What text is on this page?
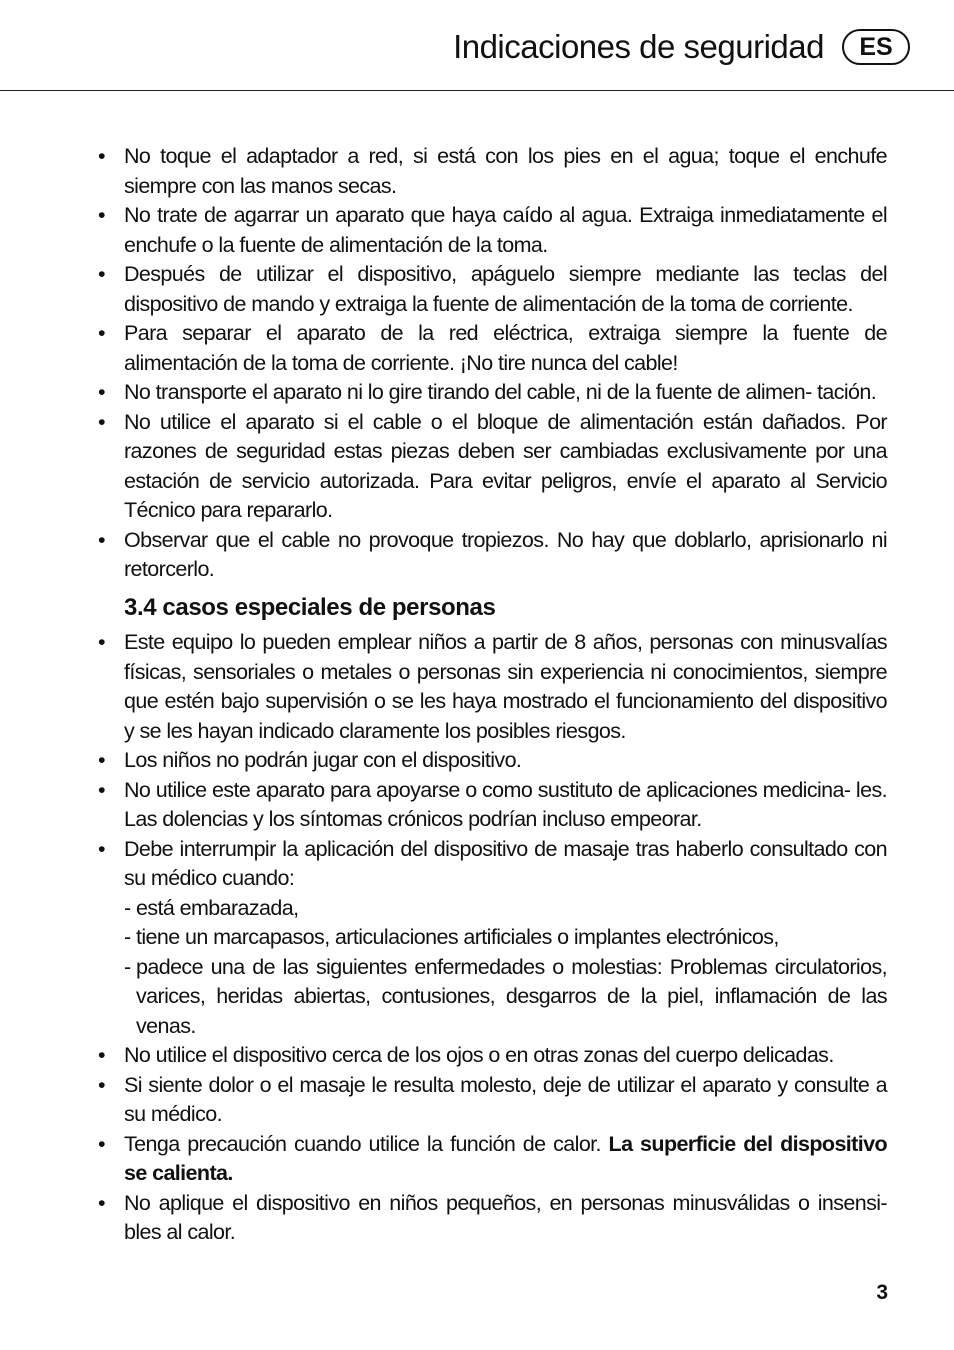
Indicaciones de seguridad	ES
• No toque el adaptador a red, si está con los pies en el agua; toque el enchufe siempre con las manos secas.
• No trate de agarrar un aparato que haya caído al agua. Extraiga inmediatamente el enchufe o la fuente de alimentación de la toma.
• Después de utilizar el dispositivo, apáguelo siempre mediante las teclas del dispositivo de mando y extraiga la fuente de alimentación de la toma de corriente.
• Para separar el aparato de la red eléctrica, extraiga siempre la fuente de alimentación de la toma de corriente. ¡No tire nunca del cable!
• No transporte el aparato ni lo gire tirando del cable, ni de la fuente de alimen- tación.
• No utilice el aparato si el cable o el bloque de alimentación están dañados. Por razones de seguridad estas piezas deben ser cambiadas exclusivamente por una estación de servicio autorizada. Para evitar peligros, envíe el aparato al Servicio Técnico para repararlo.
• Observar que el cable no provoque tropiezos. No hay que doblarlo, aprisionarlo ni retorcerlo.
3.4 casos especiales de personas
• Este equipo lo pueden emplear niños a partir de 8 años, personas con minusvalías físicas, sensoriales o metales o personas sin experiencia ni conocimientos, siempre que estén bajo supervisión o se les haya mostrado el funcionamiento del dispositivo y se les hayan indicado claramente los posibles riesgos.
• Los niños no podrán jugar con el dispositivo.
• No utilice este aparato para apoyarse o como sustituto de aplicaciones medicina- les. Las dolencias y los síntomas crónicos podrían incluso empeorar.
• Debe interrumpir la aplicación del dispositivo de masaje tras haberlo consultado con su médico cuando:
- está embarazada,
- tiene un marcapasos, articulaciones artificiales o implantes electrónicos,
- padece una de las siguientes enfermedades o molestias: Problemas circulatorios, varices, heridas abiertas, contusiones, desgarros de la piel, inflamación de las venas.
• No utilice el dispositivo cerca de los ojos o en otras zonas del cuerpo delicadas.
• Si siente dolor o el masaje le resulta molesto, deje de utilizar el aparato y consulte a su médico.
• Tenga precaución cuando utilice la función de calor. La superficie del dispositivo se calienta.
• No aplique el dispositivo en niños pequeños, en personas minusválidas o insensi- bles al calor.
3
